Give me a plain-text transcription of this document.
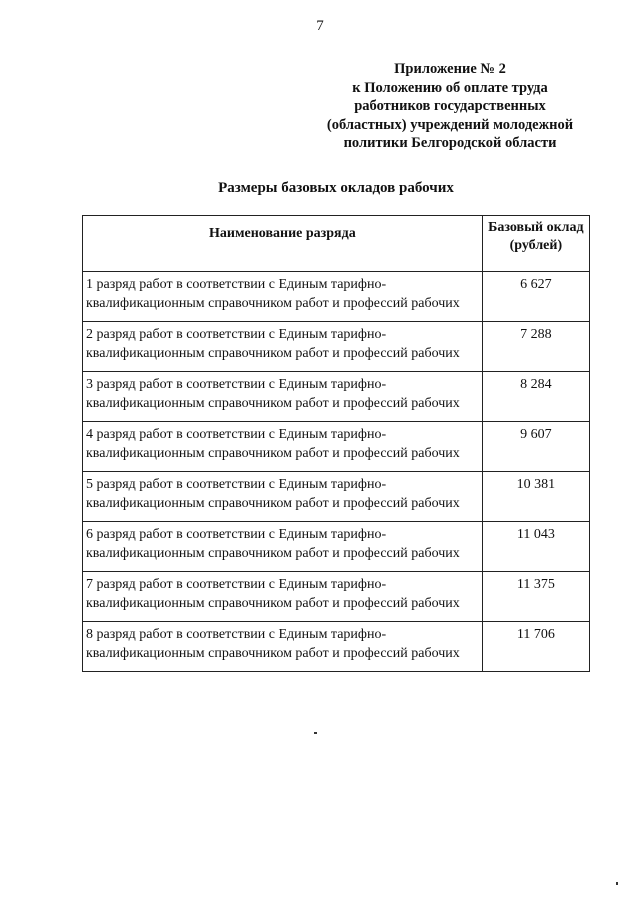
7
Приложение № 2
к Положению об оплате труда
работников государственных
(областных) учреждений молодежной
политики Белгородской области
Размеры базовых окладов рабочих
Наименование разряда	Базовый оклад
(рублей)

1 разряд работ в соответствии с Единым тарифно-
квалификационным справочником работ и профессий рабочих	6 627

2 разряд работ в соответствии с Единым тарифно-
квалификационным справочником работ и профессий рабочих	7 288

3 разряд работ в соответствии с Единым тарифно-
квалификационным справочником работ и профессий рабочих	8 284

4 разряд работ в соответствии с Единым тарифно-
квалификационным справочником работ и профессий рабочих	9 607

5 разряд работ в соответствии с Единым тарифно-
квалификационным справочником работ и профессий рабочих	10 381

6 разряд работ в соответствии с Единым тарифно-
квалификационным справочником работ и профессий рабочих	11 043

7 разряд работ в соответствии с Единым тарифно-
квалификационным справочником работ и профессий рабочих	11 375

8 разряд работ в соответствии с Единым тарифно-
квалификационным справочником работ и профессий рабочих	11 706
